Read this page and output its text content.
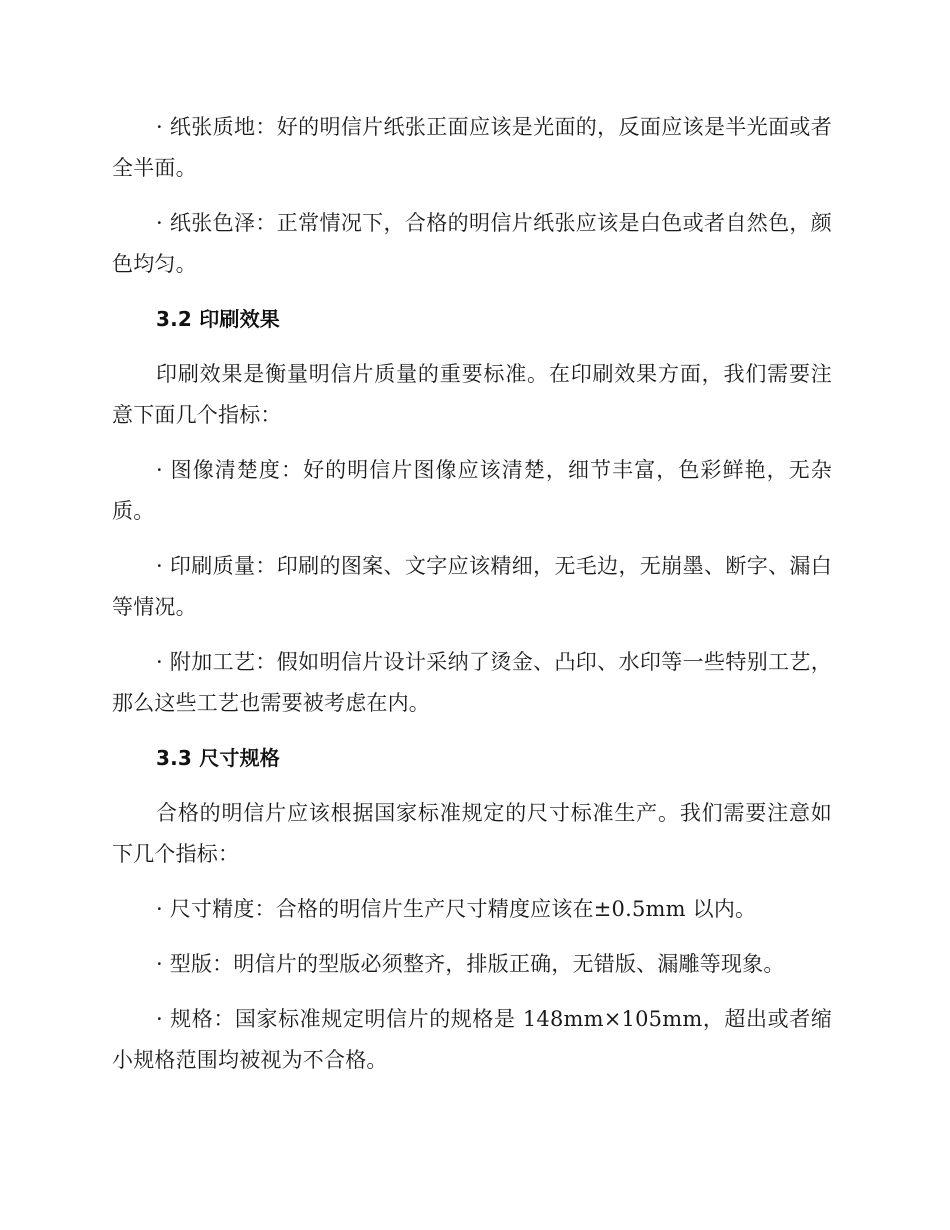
· 纸张质地：好的明信片纸张正面应该是光面的，反面应该是半光面或者全半面。

· 纸张色泽：正常情况下，合格的明信片纸张应该是白色或者自然色，颜色均匀。

3.2 印刷效果

印刷效果是衡量明信片质量的重要标准。在印刷效果方面，我们需要注意下面几个指标：

· 图像清楚度：好的明信片图像应该清楚，细节丰富，色彩鲜艳，无杂质。

· 印刷质量：印刷的图案、文字应该精细，无毛边，无崩墨、断字、漏白等情况。

· 附加工艺：假如明信片设计采纳了烫金、凸印、水印等一些特别工艺，那么这些工艺也需要被考虑在内。

3.3 尺寸规格

合格的明信片应该根据国家标准规定的尺寸标准生产。我们需要注意如下几个指标：

· 尺寸精度：合格的明信片生产尺寸精度应该在±0.5mm 以内。

· 型版：明信片的型版必须整齐，排版正确，无错版、漏雕等现象。

· 规格：国家标准规定明信片的规格是 148mm×105mm，超出或者缩小规格范围均被视为不合格。
